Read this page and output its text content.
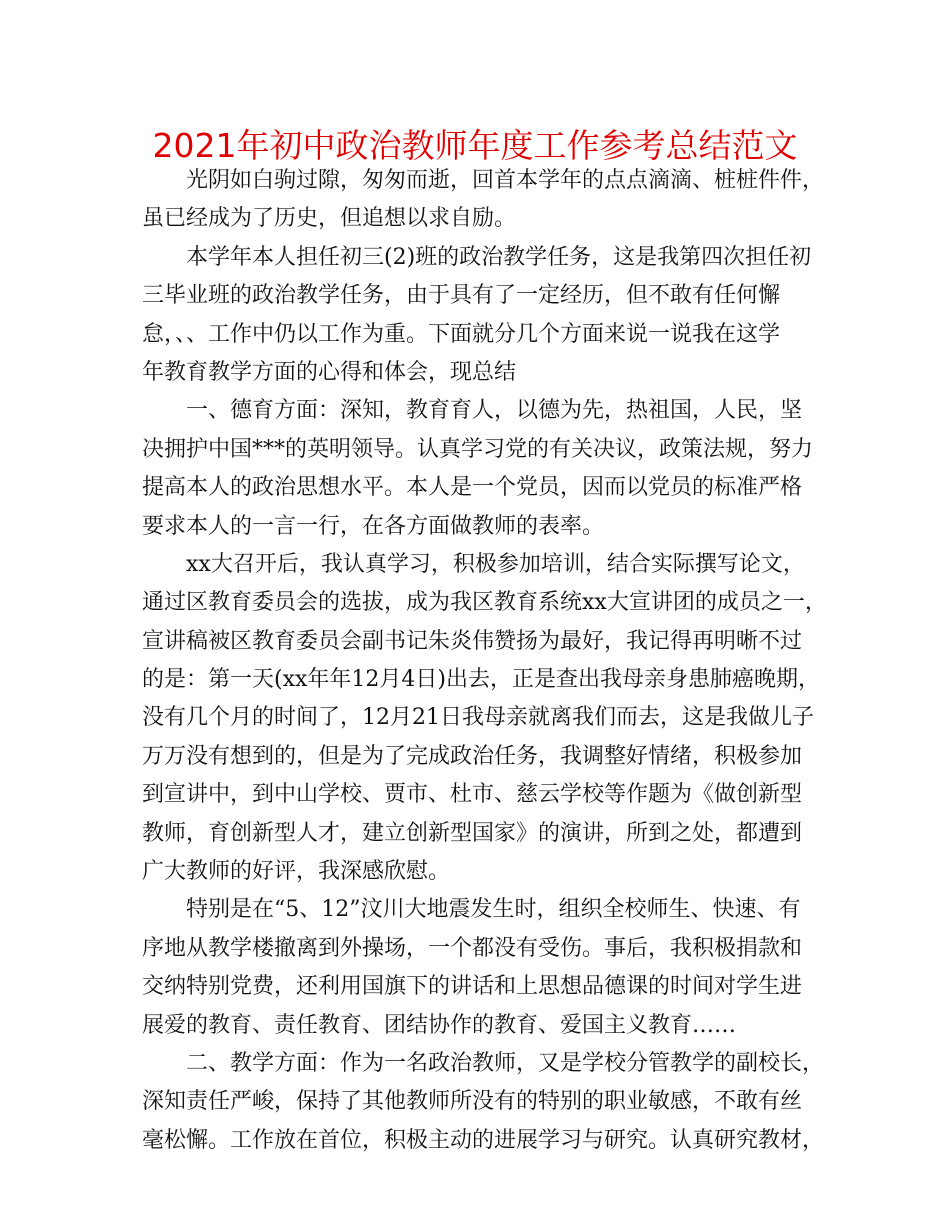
2021年初中政治教师年度工作参考总结范文
光阴如白驹过隙，匆匆而逝，回首本学年的点点滴滴、桩桩件件，
虽已经成为了历史，但追想以求自励。
本学年本人担任初三(2)班的政治教学任务，这是我第四次担任初
三毕业班的政治教学任务，由于具有了一定经历，但不敢有任何懈
怠，、、工作中仍以工作为重。下面就分几个方面来说一说我在这学
年教育教学方面的心得和体会，现总结
一、德育方面：深知，教育育人，以德为先，热祖国，人民，坚
决拥护中国***的英明领导。认真学习党的有关决议，政策法规，努力
提高本人的政治思想水平。本人是一个党员，因而以党员的标准严格
要求本人的一言一行，在各方面做教师的表率。
xx大召开后，我认真学习，积极参加培训，结合实际撰写论文，
通过区教育委员会的选拔，成为我区教育系统xx大宣讲团的成员之一，
宣讲稿被区教育委员会副书记朱炎伟赞扬为最好，我记得再明晰不过
的是：第一天(xx年年12月4日)出去，正是查出我母亲身患肺癌晚期，
没有几个月的时间了，12月21日我母亲就离我们而去，这是我做儿子
万万没有想到的，但是为了完成政治任务，我调整好情绪，积极参加
到宣讲中，到中山学校、贾市、杜市、慈云学校等作题为《做创新型
教师，育创新型人才，建立创新型国家》的演讲，所到之处，都遭到
广大教师的好评，我深感欣慰。
特别是在“5、12”汶川大地震发生时，组织全校师生、快速、有
序地从教学楼撤离到外操场，一个都没有受伤。事后，我积极捐款和
交纳特别党费，还利用国旗下的讲话和上思想品德课的时间对学生进
展爱的教育、责任教育、团结协作的教育、爱国主义教育……
二、教学方面：作为一名政治教师，又是学校分管教学的副校长，
深知责任严峻，保持了其他教师所没有的特别的职业敏感，不敢有丝
毫松懈。工作放在首位，积极主动的进展学习与研究。认真研究教材，
